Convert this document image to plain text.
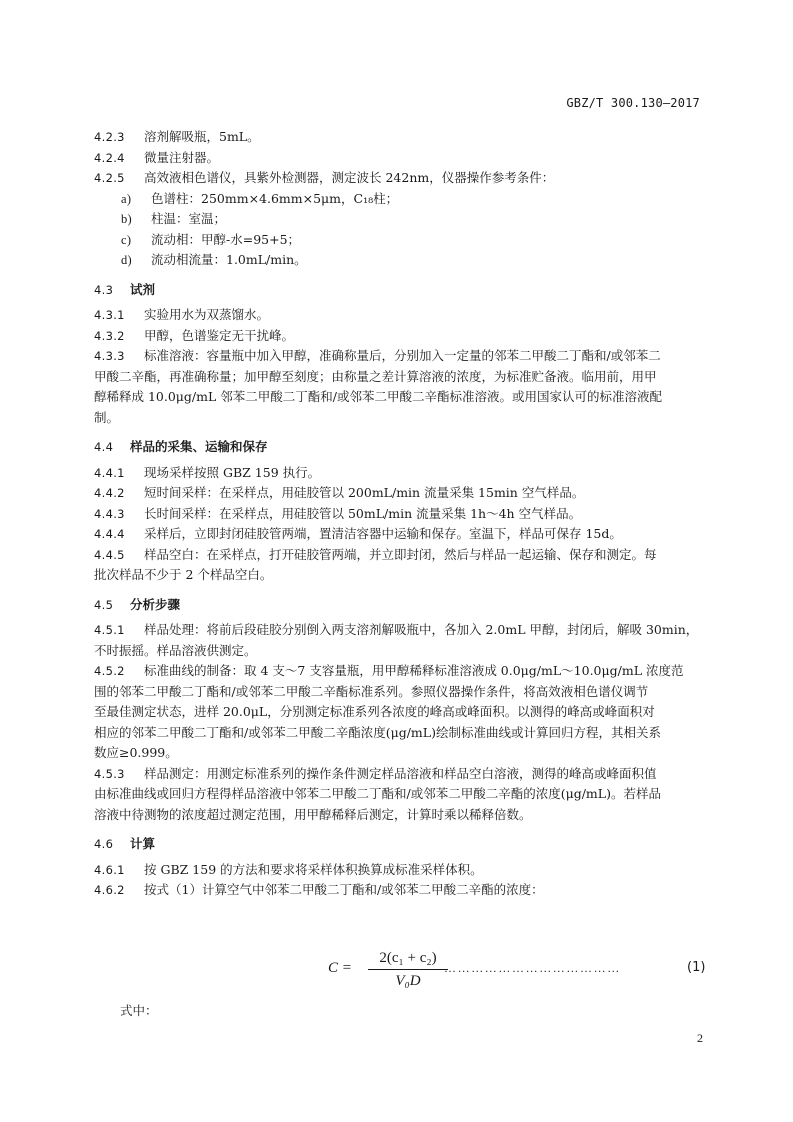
GBZ/T 300.130—2017
4.2.3 溶剂解吸瓶，5mL。
4.2.4 微量注射器。
4.2.5 高效液相色谱仪，具紫外检测器，测定波长 242nm，仪器操作参考条件：
a) 色谱柱：250mm×4.6mm×5μm，C₁₈柱；
b) 柱温：室温；
c) 流动相：甲醇-水=95+5；
d) 流动相流量：1.0mL/min。
4.3 试剂
4.3.1 实验用水为双蒸馏水。
4.3.2 甲醇，色谱鉴定无干扰峰。
4.3.3 标准溶液：容量瓶中加入甲醇，准确称量后，分别加入一定量的邻苯二甲酸二丁酯和/或邻苯二
甲酸二辛酯，再准确称量；加甲醇至刻度；由称量之差计算溶液的浓度，为标准贮备液。临用前，用甲
醇稀释成 10.0μg/mL 邻苯二甲酸二丁酯和/或邻苯二甲酸二辛酯标准溶液。或用国家认可的标准溶液配
制。
4.4 样品的采集、运输和保存
4.4.1 现场采样按照 GBZ 159 执行。
4.4.2 短时间采样：在采样点，用硅胶管以 200mL/min 流量采集 15min 空气样品。
4.4.3 长时间采样：在采样点，用硅胶管以 50mL/min 流量采集 1h～4h 空气样品。
4.4.4 采样后，立即封闭硅胶管两端，置清洁容器中运输和保存。室温下，样品可保存 15d。
4.4.5 样品空白：在采样点，打开硅胶管两端，并立即封闭，然后与样品一起运输、保存和测定。每
批次样品不少于 2 个样品空白。
4.5 分析步骤
4.5.1 样品处理：将前后段硅胶分别倒入两支溶剂解吸瓶中，各加入 2.0mL 甲醇，封闭后，解吸 30min，
不时振摇。样品溶液供测定。
4.5.2 标准曲线的制备：取 4 支～7 支容量瓶，用甲醇稀释标准溶液成 0.0μg/mL～10.0μg/mL 浓度范
围的邻苯二甲酸二丁酯和/或邻苯二甲酸二辛酯标准系列。参照仪器操作条件，将高效液相色谱仪调节
至最佳测定状态，进样 20.0μL，分别测定标准系列各浓度的峰高或峰面积。以测得的峰高或峰面积对
相应的邻苯二甲酸二丁酯和/或邻苯二甲酸二辛酯浓度(μg/mL)绘制标准曲线或计算回归方程，其相关系
数应≥0.999。
4.5.3 样品测定：用测定标准系列的操作条件测定样品溶液和样品空白溶液，测得的峰高或峰面积值
由标准曲线或回归方程得样品溶液中邻苯二甲酸二丁酯和/或邻苯二甲酸二辛酯的浓度(μg/mL)。若样品
溶液中待测物的浓度超过测定范围，用甲醇稀释后测定，计算时乘以稀释倍数。
4.6 计算
4.6.1 按 GBZ 159 的方法和要求将采样体积换算成标准采样体积。
4.6.2 按式（1）计算空气中邻苯二甲酸二丁酯和/或邻苯二甲酸二辛酯的浓度：
C =
2(c₁ + c₂)
V₀D
…………………………………	(1)
式中：
2
